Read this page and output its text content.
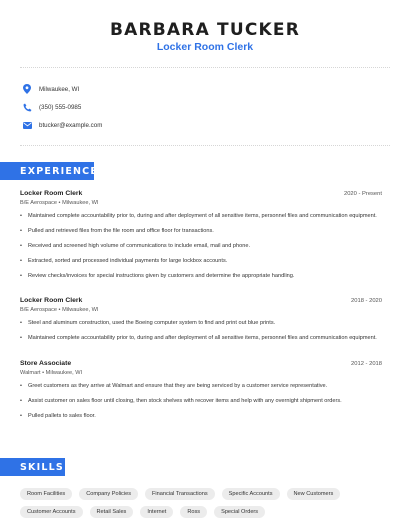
BARBARA TUCKER
Locker Room Clerk
Milwaukee, WI
(350) 555-0985
btucker@example.com
EXPERIENCE
Locker Room Clerk	2020 - Present
B/E Aerospace • Milwaukee, WI
•
Maintained complete accountability prior to, during and after deployment of all sensitive items, personnel files and communication equipment.
•
Pulled and retrieved files from the file room and office floor for transactions.
•
Received and screened high volume of communications to include email, mail and phone.
•
Extracted, sorted and processed individual payments for large lockbox accounts.
•
Review checks/invoices for special instructions given by customers and determine the appropriate handling.
Locker Room Clerk	2018 - 2020
B/E Aerospace • Milwaukee, WI
•
Steel and aluminum construction, used the Boeing computer system to find and print out blue prints.
•
Maintained complete accountability prior to, during and after deployment of all sensitive items, personnel files and communication equipment.
Store Associate	2012 - 2018
Walmart • Milwaukee, WI
•
Greet customers as they arrive at Walmart and ensure that they are being serviced by a customer service representative.
•
Assist customer on sales floor until closing, then stock shelves with recover items and help with any overnight shipment orders.
•
Pulled pallets to sales floor.
SKILLS
Room Facilities	Company Policies	Financial Transactions	Specific Accounts	New Customers
Customer Accounts	Retail Sales	Internet	Ross	Special Orders
